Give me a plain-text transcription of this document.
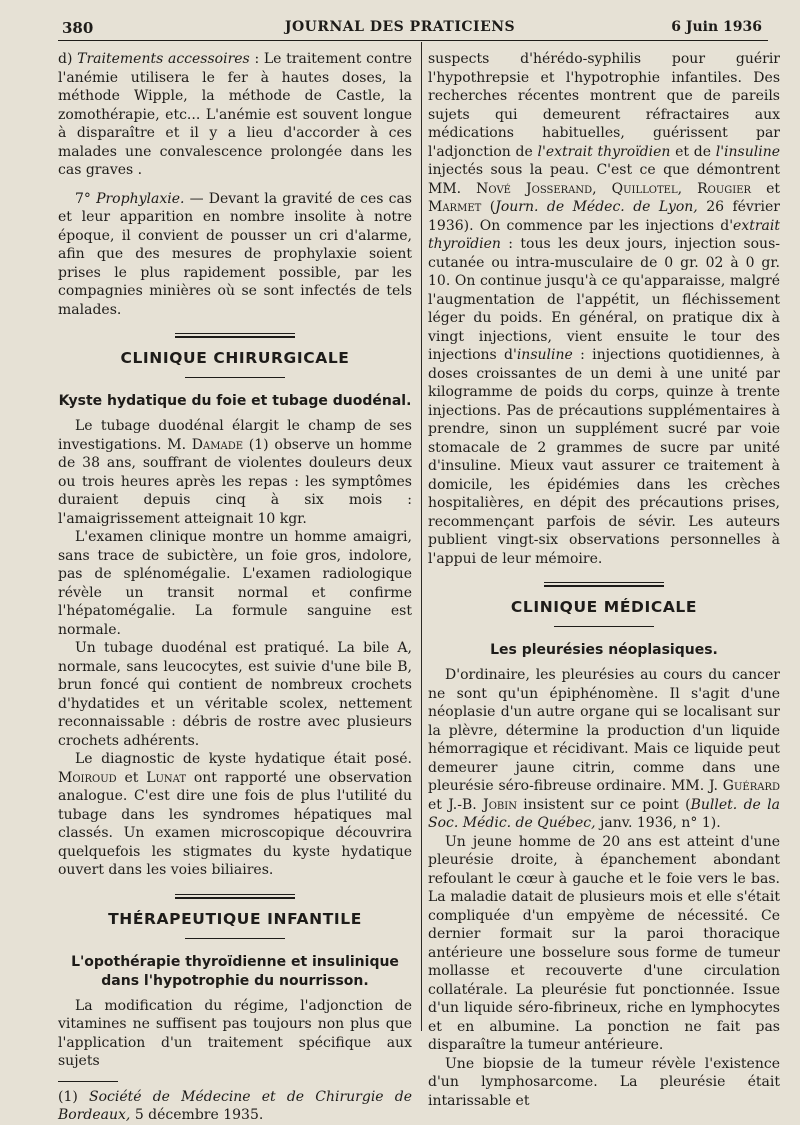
380	JOURNAL DES PRATICIENS	6 Juin 1936

d) Traitements accessoires : Le traitement contre l'anémie utilisera le fer à hautes doses, la méthode Wipple, la méthode de Castle, la zomothérapie, etc... L'anémie est souvent longue à disparaître et il y a lieu d'accorder à ces malades une convalescence prolongée dans les cas graves .

7° Prophylaxie. — Devant la gravité de ces cas et leur apparition en nombre insolite à notre époque, il convient de pousser un cri d'alarme, afin que des mesures de prophylaxie soient prises le plus rapidement possible, par les compagnies minières où se sont infectés de tels malades.

CLINIQUE CHIRURGICALE
Kyste hydatique du foie et tubage duodénal.

Le tubage duodénal élargit le champ de ses investigations. M. Damade (1) observe un homme de 38 ans, souffrant de violentes douleurs deux ou trois heures après les repas : les symptômes duraient depuis cinq à six mois : l'amaigrissement atteignait 10 kgr.

L'examen clinique montre un homme amaigri, sans trace de subictère, un foie gros, indolore, pas de splénomégalie. L'examen radiologique révèle un transit normal et confirme l'hépatomégalie. La formule sanguine est normale.

Un tubage duodénal est pratiqué. La bile A, normale, sans leucocytes, est suivie d'une bile B, brun foncé qui contient de nombreux crochets d'hydatides et un véritable scolex, nettement reconnaissable : débris de rostre avec plusieurs crochets adhérents.

Le diagnostic de kyste hydatique était posé. Moiroud et Lunat ont rapporté une observation analogue. C'est dire une fois de plus l'utilité du tubage dans les syndromes hépatiques mal classés. Un examen microscopique découvrira quelquefois les stigmates du kyste hydatique ouvert dans les voies biliaires.

THÉRAPEUTIQUE INFANTILE
L'opothérapie thyroïdienne et insulinique
dans l'hypotrophie du nourrisson.

La modification du régime, l'adjonction de vitamines ne suffisent pas toujours non plus que l'application d'un traitement spécifique aux sujets

(1) Société de Médecine et de Chirurgie de Bordeaux, 5 décembre 1935.

suspects d'hérédo-syphilis pour guérir l'hypothrepsie et l'hypotrophie infantiles. Des recherches récentes montrent que de pareils sujets qui demeurent réfractaires aux médications habituelles, guérissent par l'adjonction de l'extrait thyroïdien et de l'insuline injectés sous la peau. C'est ce que démontrent MM. Nové Josserand, Quillotel, Rougier et Marmet (Journ. de Médec. de Lyon, 26 février 1936). On commence par les injections d'extrait thyroïdien : tous les deux jours, injection sous-cutanée ou intra-musculaire de 0 gr. 02 à 0 gr. 10. On continue jusqu'à ce qu'apparaisse, malgré l'augmentation de l'appétit, un fléchissement léger du poids. En général, on pratique dix à vingt injections, vient ensuite le tour des injections d'insuline : injections quotidiennes, à doses croissantes de un demi à une unité par kilogramme de poids du corps, quinze à trente injections. Pas de précautions supplémentaires à prendre, sinon un supplément sucré par voie stomacale de 2 grammes de sucre par unité d'insuline. Mieux vaut assurer ce traitement à domicile, les épidémies dans les crèches hospitalières, en dépit des précautions prises, recommençant parfois de sévir. Les auteurs publient vingt-six observations personnelles à l'appui de leur mémoire.

CLINIQUE MÉDICALE
Les pleurésies néoplasiques.

D'ordinaire, les pleurésies au cours du cancer ne sont qu'un épiphénomène. Il s'agit d'une néoplasie d'un autre organe qui se localisant sur la plèvre, détermine la production d'un liquide hémorragique et récidivant. Mais ce liquide peut demeurer jaune citrin, comme dans une pleurésie séro-fibreuse ordinaire. MM. J. Guérard et J.-B. Jobin insistent sur ce point (Bullet. de la Soc. Médic. de Québec, janv. 1936, n° 1).

Un jeune homme de 20 ans est atteint d'une pleurésie droite, à épanchement abondant refoulant le cœur à gauche et le foie vers le bas. La maladie datait de plusieurs mois et elle s'était compliquée d'un empyème de nécessité. Ce dernier formait sur la paroi thoracique antérieure une bosselure sous forme de tumeur mollasse et recouverte d'une circulation collatérale. La pleurésie fut ponctionnée. Issue d'un liquide séro-fibrineux, riche en lymphocytes et en albumine. La ponction ne fait pas disparaître la tumeur antérieure.

Une biopsie de la tumeur révèle l'existence d'un lymphosarcome. La pleurésie était intarissable et
